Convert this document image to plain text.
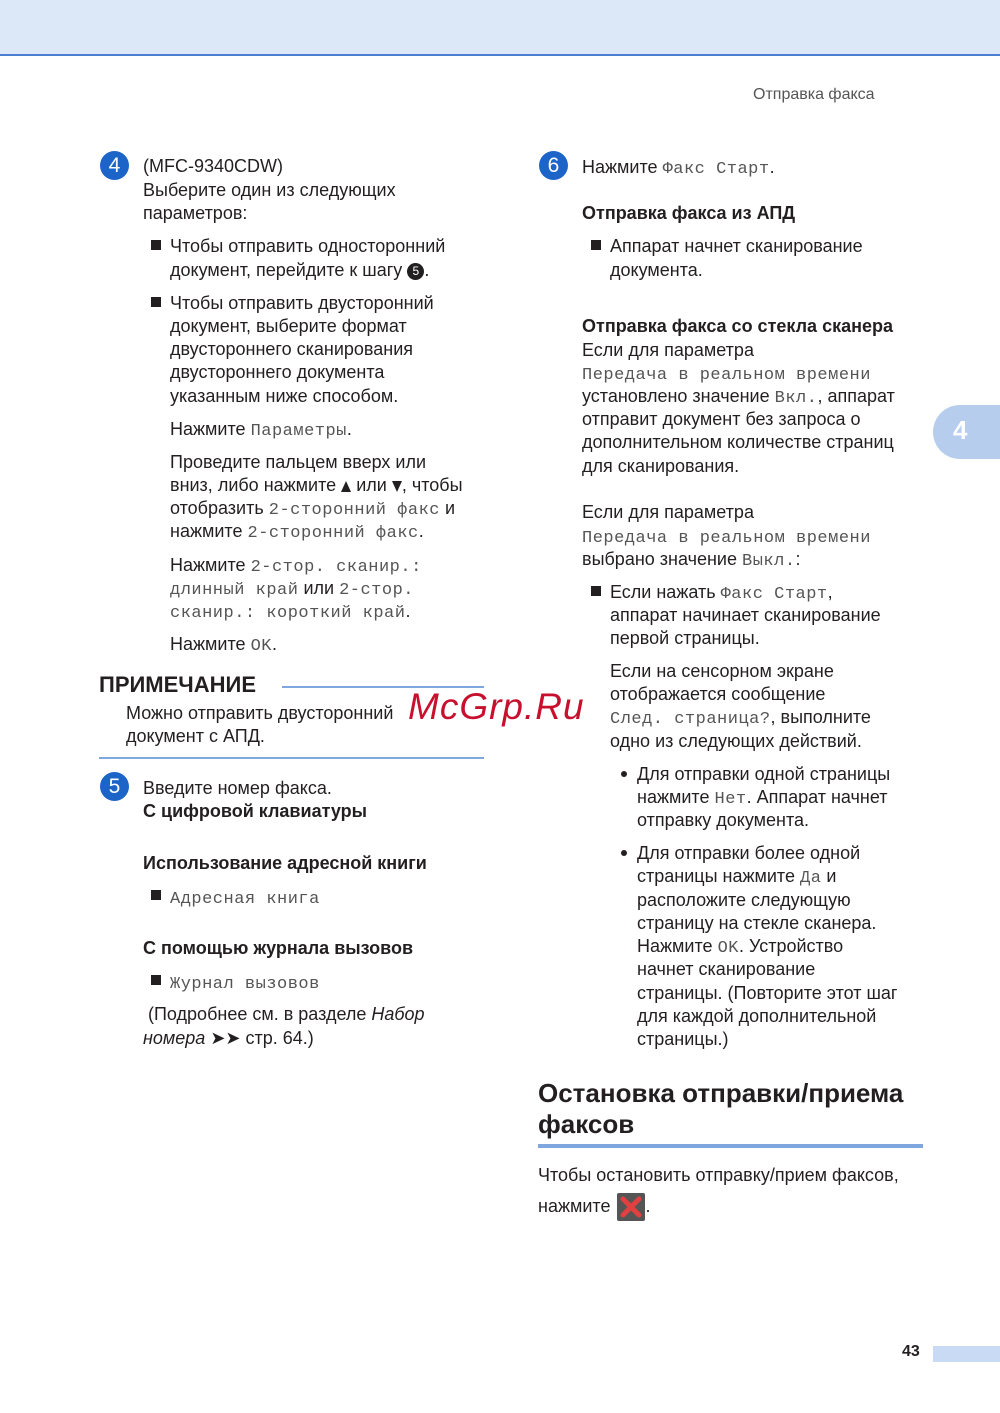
Отправка факса
4
4	(MFC-9340CDW)
Выберите один из следующих
параметров:
Чтобы отправить односторонний
документ, перейдите к шагу 5 .
Чтобы отправить двусторонний
документ, выберите формат
двустороннего сканирования
двустороннего документа
указанным ниже способом.
Нажмите Параметры.
Проведите пальцем вверх или
вниз, либо нажмите или , чтобы
отобразить 2-сторонний факс и
нажмите 2-сторонний факс.
Нажмите 2-стор. сканир.:
длинный край или 2-стор.
сканир.: короткий край.
Нажмите OK.
ПРИМЕЧАНИЕ
Можно отправить двусторонний
документ с АПД.
McGrp.Ru
5	Введите номер факса.
С цифровой клавиатуры
Использование адресной книги
Адресная книга
С помощью журнала вызовов
Журнал вызовов
(Подробнее см. в разделе Набор
номера ➤➤ стр. 64.)
6	Нажмите Факс Старт.
Отправка факса из АПД
Аппарат начнет сканирование
документа.
Отправка факса со стекла сканера
Если для параметра
Передача в реальном времени
установлено значение Вкл., аппарат
отправит документ без запроса о
дополнительном количестве страниц
для сканирования.
Если для параметра
Передача в реальном времени
выбрано значение Выкл.:
Если нажать Факс Старт,
аппарат начинает сканирование
первой страницы.
Если на сенсорном экране
отображается сообщение
След. страница?, выполните
одно из следующих действий.
Для отправки одной страницы
нажмите Нет. Аппарат начнет
отправку документа.
Для отправки более одной
страницы нажмите Да и
расположите следующую
страницу на стекле сканера.
Нажмите OK. Устройство
начнет сканирование
страницы. (Повторите этот шаг
для каждой дополнительной
страницы.)
Остановка отправки/приема
факсов
Чтобы остановить отправку/прием факсов,
нажмите .
43
